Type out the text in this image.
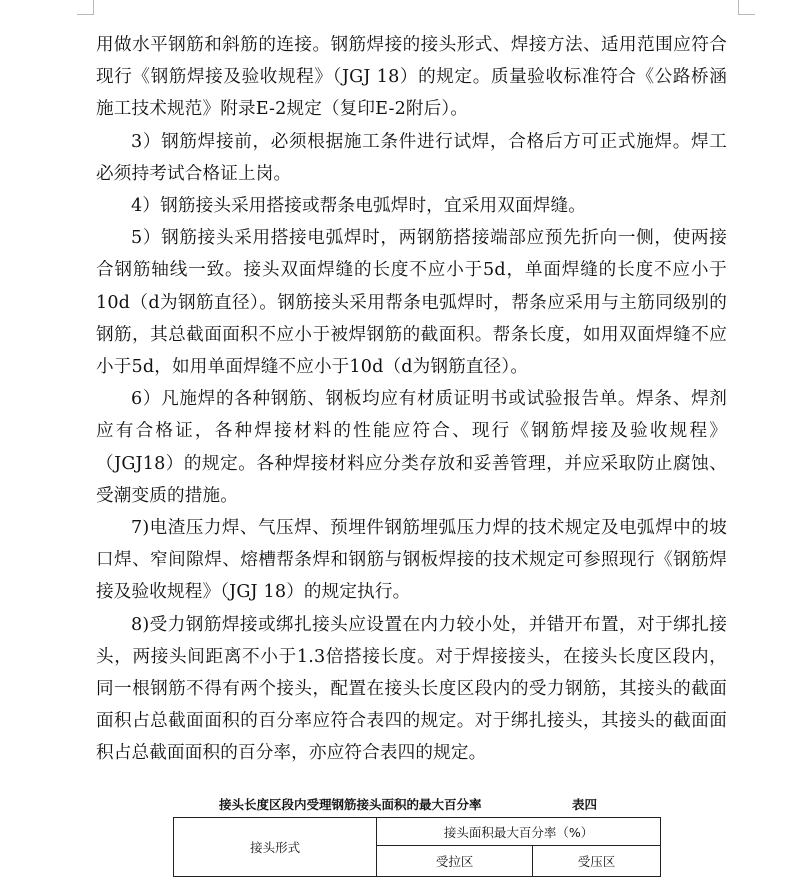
用做水平钢筋和斜筋的连接。钢筋焊接的接头形式、焊接方法、适用范围应符合现行《钢筋焊接及验收规程》（JGJ 18）的规定。质量验收标准符合《公路桥涵施工技术规范》附录E-2规定（复印E-2附后）。

3）钢筋焊接前，必须根据施工条件进行试焊，合格后方可正式施焊。焊工必须持考试合格证上岗。

4）钢筋接头采用搭接或帮条电弧焊时，宜采用双面焊缝。

5）钢筋接头采用搭接电弧焊时，两钢筋搭接端部应预先折向一侧，使两接合钢筋轴线一致。接头双面焊缝的长度不应小于5d，单面焊缝的长度不应小于10d（d为钢筋直径）。钢筋接头采用帮条电弧焊时，帮条应采用与主筋同级别的钢筋，其总截面面积不应小于被焊钢筋的截面积。帮条长度，如用双面焊缝不应小于5d，如用单面焊缝不应小于10d（d为钢筋直径）。

6）凡施焊的各种钢筋、钢板均应有材质证明书或试验报告单。焊条、焊剂应有合格证，各种焊接材料的性能应符合、现行《钢筋焊接及验收规程》（JGJ18）的规定。各种焊接材料应分类存放和妥善管理，并应采取防止腐蚀、受潮变质的措施。

7)电渣压力焊、气压焊、预埋件钢筋埋弧压力焊的技术规定及电弧焊中的坡口焊、窄间隙焊、熔槽帮条焊和钢筋与钢板焊接的技术规定可参照现行《钢筋焊接及验收规程》（JGJ 18）的规定执行。

8)受力钢筋焊接或绑扎接头应设置在内力较小处，并错开布置，对于绑扎接头，两接头间距离不小于1.3倍搭接长度。对于焊接接头，在接头长度区段内，同一根钢筋不得有两个接头，配置在接头长度区段内的受力钢筋，其接头的截面面积占总截面面积的百分率应符合表四的规定。对于绑扎接头，其接头的截面面积占总截面面积的百分率，亦应符合表四的规定。

接头长度区段内受理钢筋接头面积的最大百分率	表四
接头形式	接头面积最大百分率（%）	
	受拉区	受压区
